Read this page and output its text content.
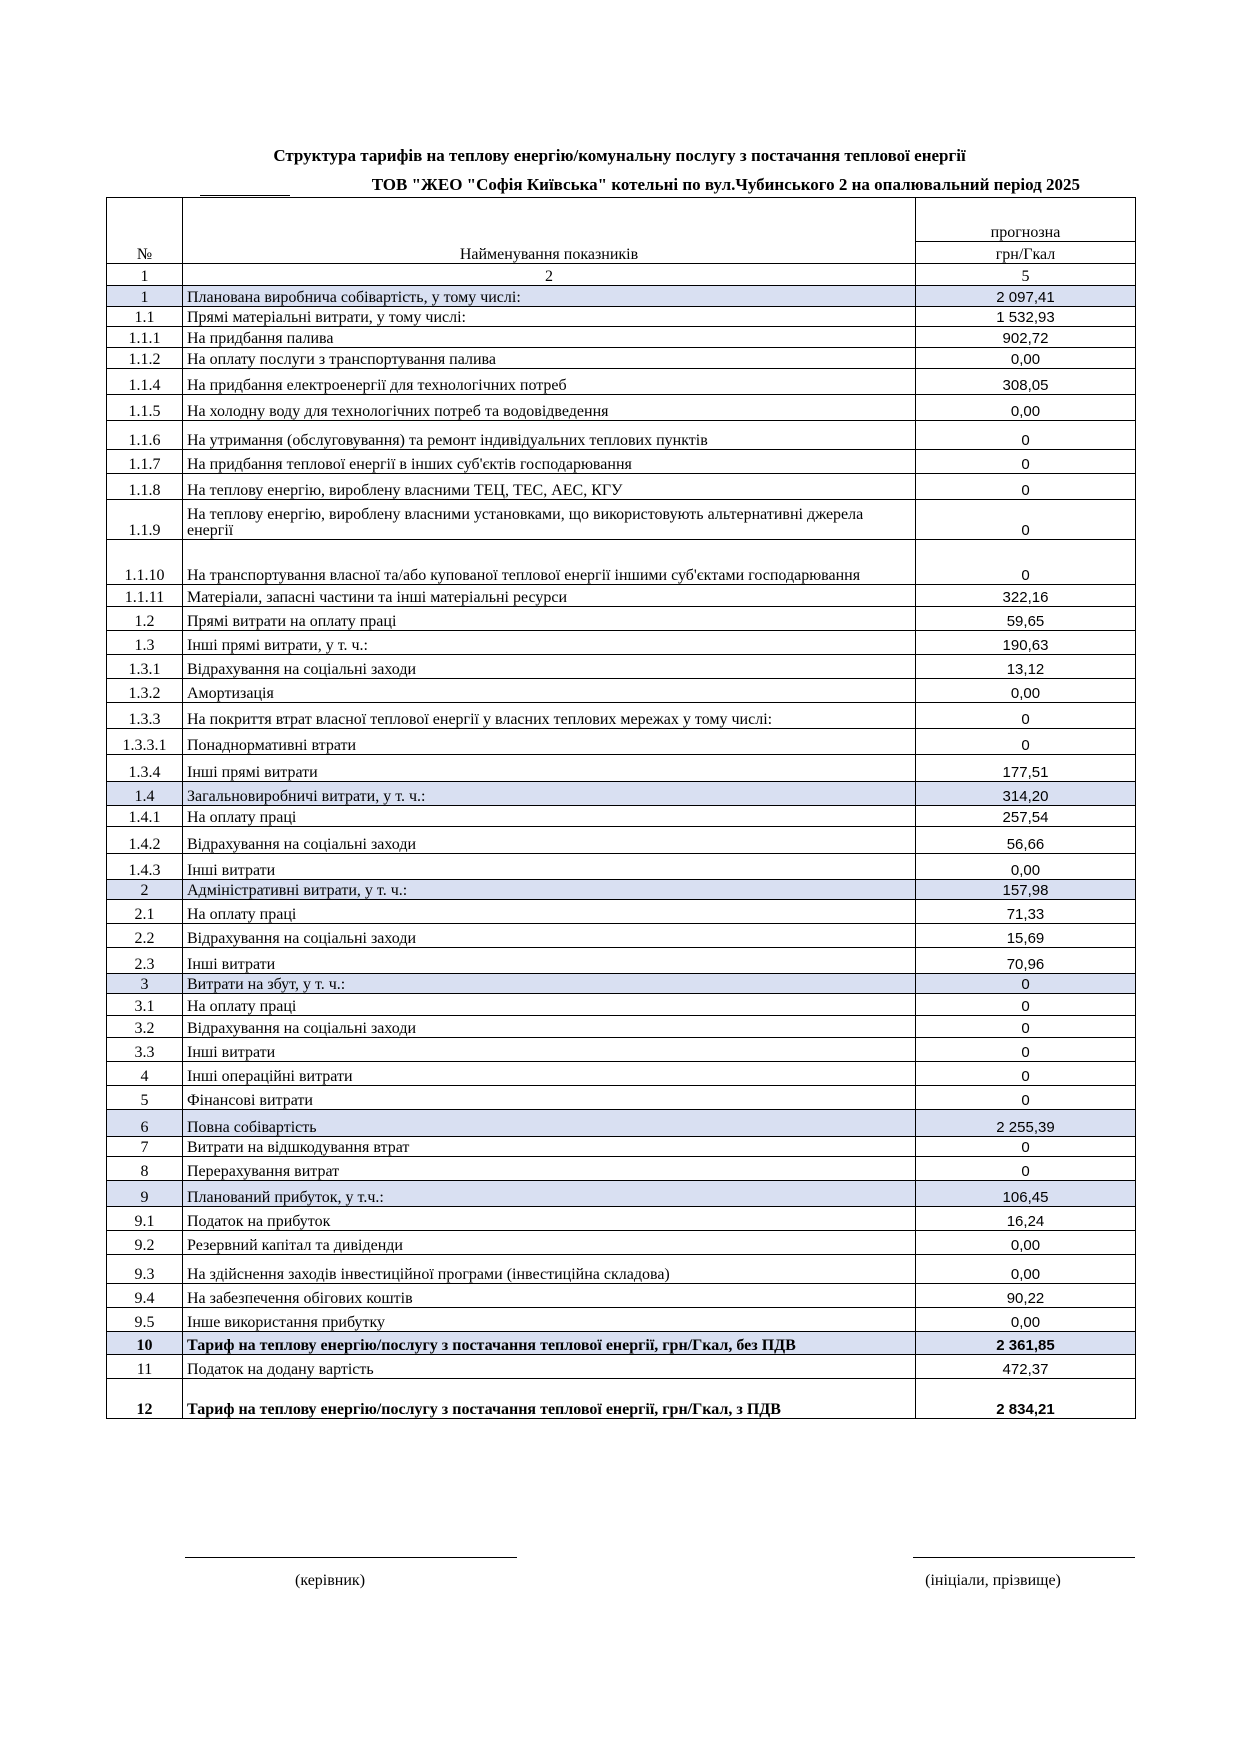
Структура тарифів на теплову енергію/комунальну послугу з постачання теплової енергії
ТОВ "ЖЕО "Софія Київська" котельні по вул.Чубинського 2 на опалювальний період 2025
№	Найменування показників	прогнозна
		грн/Гкал
1	2	5
1	Планована виробнича собівартість, у тому числі:	2 097,41
1.1	Прямі матеріальні витрати, у тому числі:	1 532,93
1.1.1	На придбання палива	902,72
1.1.2	На оплату послуги з транспортування палива	0,00
1.1.4	На придбання електроенергії для технологічних потреб	308,05
1.1.5	На холодну воду для технологічних потреб та водовідведення	0,00
1.1.6	На утримання (обслуговування) та ремонт індивідуальних теплових пунктів	0
1.1.7	На придбання теплової енергії в інших суб'єктів господарювання	0
1.1.8	На теплову енергію, вироблену власними ТЕЦ, ТЕС, АЕС, КГУ	0
1.1.9	На теплову енергію, вироблену власними установками, що використовують альтернативні джерела енергії	0
1.1.10	На транспортування власної та/або купованої теплової енергії іншими суб'єктами господарювання	0
1.1.11	Матеріали, запасні частини та інші матеріальні ресурси	322,16
1.2	Прямі витрати на оплату праці	59,65
1.3	Інші прямі витрати, у т. ч.:	190,63
1.3.1	Відрахування на соціальні заходи	13,12
1.3.2	Амортизація	0,00
1.3.3	На покриття втрат власної теплової енергії у власних теплових мережах у тому числі:	0
1.3.3.1	Понаднормативні втрати	0
1.3.4	Інші прямі витрати	177,51
1.4	Загальновиробничі витрати, у т. ч.:	314,20
1.4.1	На оплату праці	257,54
1.4.2	Відрахування на соціальні заходи	56,66
1.4.3	Інші витрати	0,00
2	Адміністративні витрати, у т. ч.:	157,98
2.1	На оплату праці	71,33
2.2	Відрахування на соціальні заходи	15,69
2.3	Інші витрати	70,96
3	Витрати на збут, у т. ч.:	0
3.1	На оплату праці	0
3.2	Відрахування на соціальні заходи	0
3.3	Інші витрати	0
4	Інші операційні витрати	0
5	Фінансові витрати	0
6	Повна собівартість	2 255,39
7	Витрати на відшкодування втрат	0
8	Перерахування витрат	0
9	Планований прибуток, у т.ч.:	106,45
9.1	Податок на прибуток	16,24
9.2	Резервний капітал та дивіденди	0,00
9.3	На здійснення заходів інвестиційної програми (інвестиційна складова)	0,00
9.4	На забезпечення обігових коштів	90,22
9.5	Інше використання прибутку	0,00
10	Тариф на теплову енергію/послугу з постачання теплової енергії, грн/Гкал, без ПДВ	2 361,85
11	Податок на додану вартість	472,37
12	Тариф на теплову енергію/послугу з постачання теплової енергії, грн/Гкал, з ПДВ	2 834,21
(керівник)	(ініціали, прізвище)
